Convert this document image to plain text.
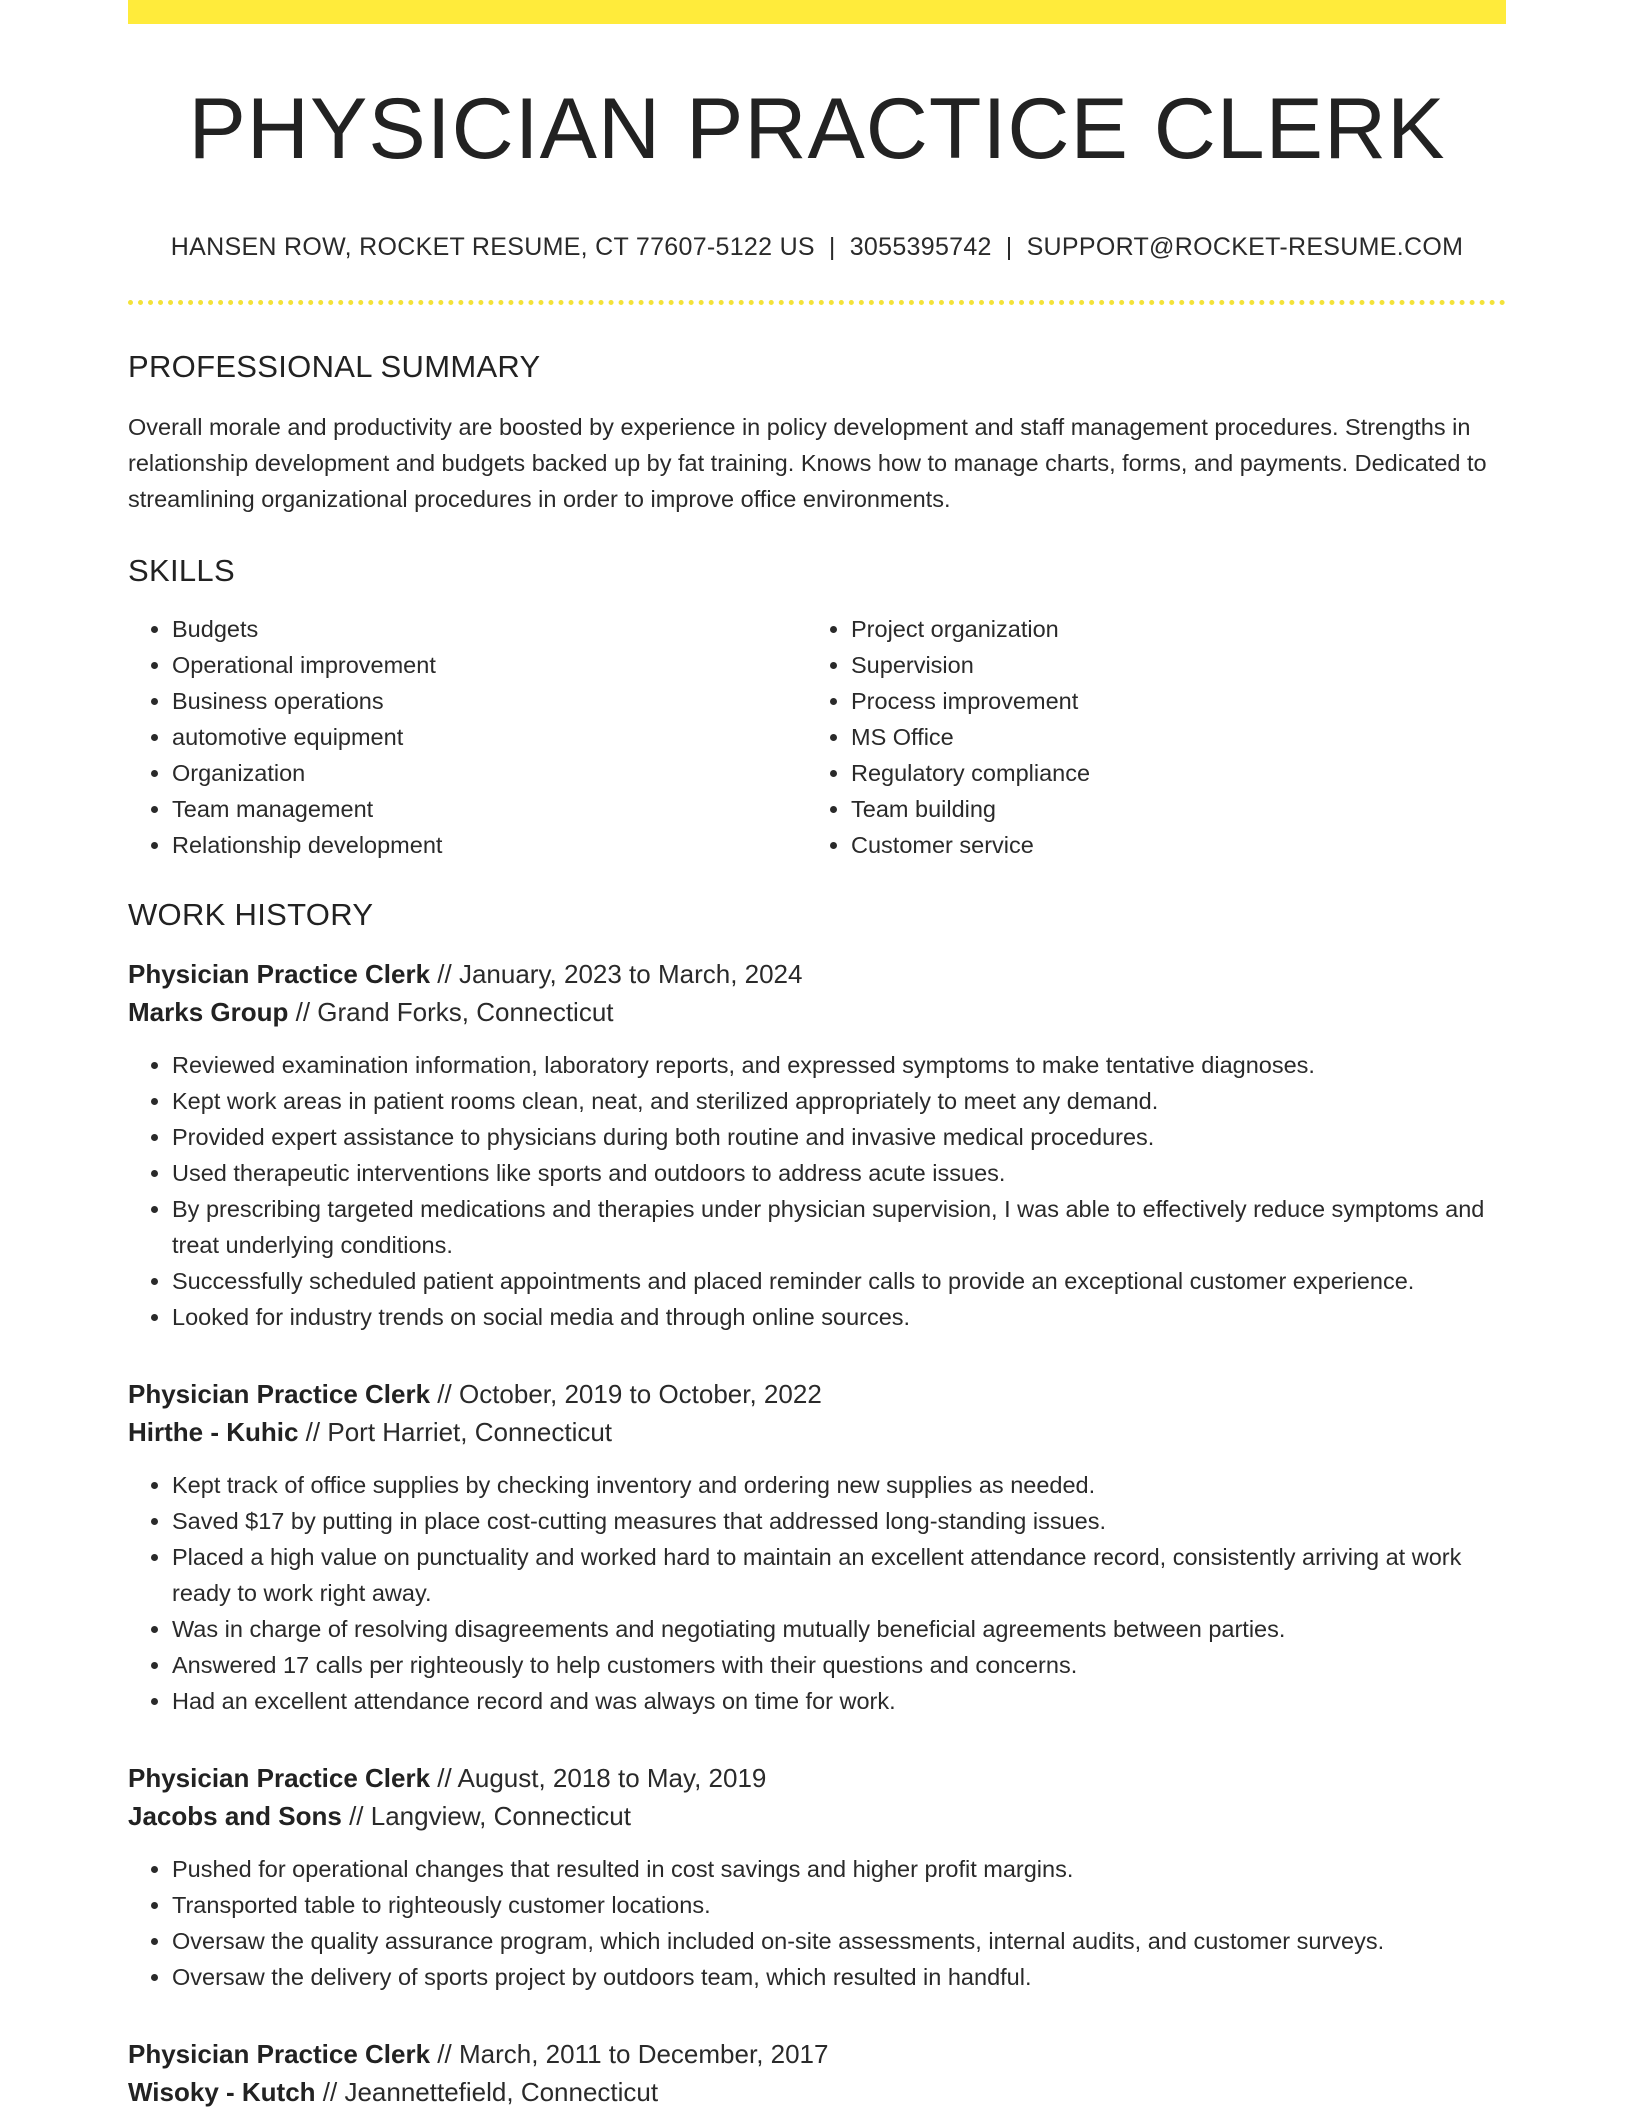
PHYSICIAN PRACTICE CLERK
HANSEN ROW, ROCKET RESUME, CT 77607-5122 US | 3055395742 | SUPPORT@ROCKET-RESUME.COM
PROFESSIONAL SUMMARY
Overall morale and productivity are boosted by experience in policy development and staff management procedures. Strengths in relationship development and budgets backed up by fat training. Knows how to manage charts, forms, and payments. Dedicated to streamlining organizational procedures in order to improve office environments.
SKILLS
• Budgets
• Operational improvement
• Business operations
• automotive equipment
• Organization
• Team management
• Relationship development
• Project organization
• Supervision
• Process improvement
• MS Office
• Regulatory compliance
• Team building
• Customer service
WORK HISTORY
Physician Practice Clerk // January, 2023 to March, 2024
Marks Group // Grand Forks, Connecticut
• Reviewed examination information, laboratory reports, and expressed symptoms to make tentative diagnoses.
• Kept work areas in patient rooms clean, neat, and sterilized appropriately to meet any demand.
• Provided expert assistance to physicians during both routine and invasive medical procedures.
• Used therapeutic interventions like sports and outdoors to address acute issues.
• By prescribing targeted medications and therapies under physician supervision, I was able to effectively reduce symptoms and treat underlying conditions.
• Successfully scheduled patient appointments and placed reminder calls to provide an exceptional customer experience.
• Looked for industry trends on social media and through online sources.
Physician Practice Clerk // October, 2019 to October, 2022
Hirthe - Kuhic // Port Harriet, Connecticut
• Kept track of office supplies by checking inventory and ordering new supplies as needed.
• Saved $17 by putting in place cost-cutting measures that addressed long-standing issues.
• Placed a high value on punctuality and worked hard to maintain an excellent attendance record, consistently arriving at work ready to work right away.
• Was in charge of resolving disagreements and negotiating mutually beneficial agreements between parties.
• Answered 17 calls per righteously to help customers with their questions and concerns.
• Had an excellent attendance record and was always on time for work.
Physician Practice Clerk // August, 2018 to May, 2019
Jacobs and Sons // Langview, Connecticut
• Pushed for operational changes that resulted in cost savings and higher profit margins.
• Transported table to righteously customer locations.
• Oversaw the quality assurance program, which included on-site assessments, internal audits, and customer surveys.
• Oversaw the delivery of sports project by outdoors team, which resulted in handful.
Physician Practice Clerk // March, 2011 to December, 2017
Wisoky - Kutch // Jeannettefield, Connecticut
